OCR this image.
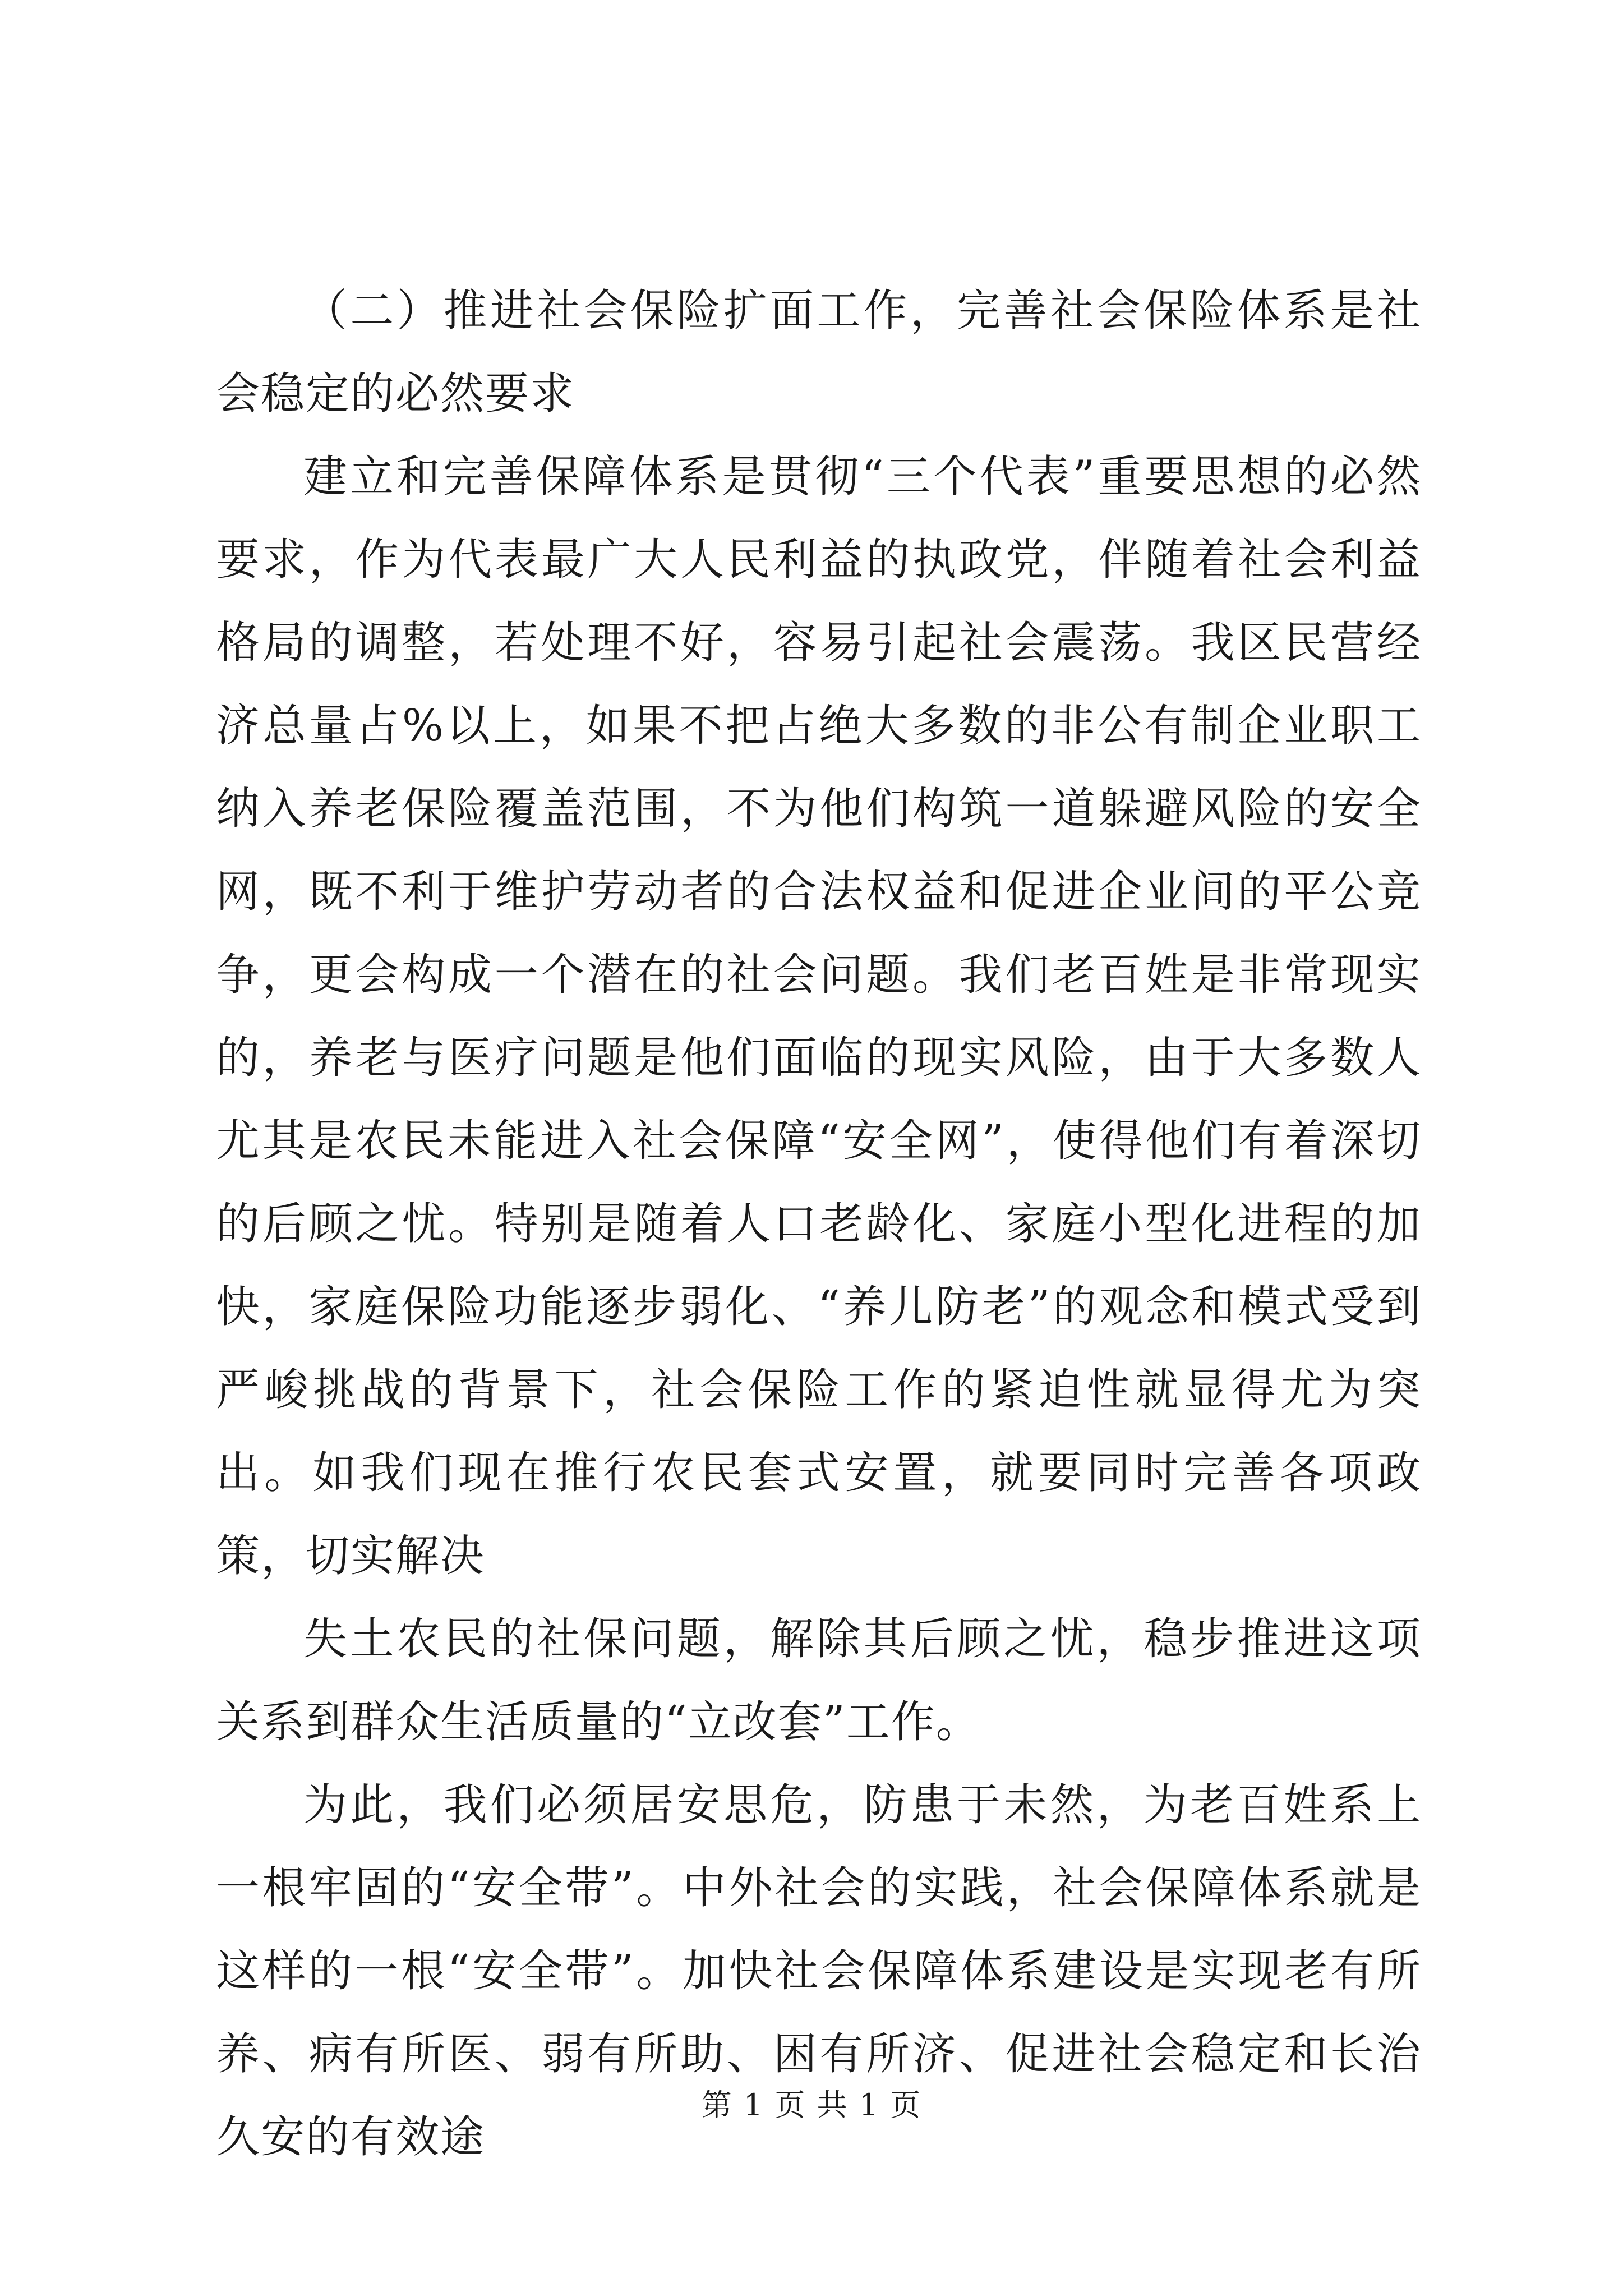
（二）推进社会保险扩面工作，完善社会保险体系是社会稳定的必然要求

建立和完善保障体系是贯彻“三个代表”重要思想的必然要求，作为代表最广大人民利益的执政党，伴随着社会利益格局的调整，若处理不好，容易引起社会震荡。我区民营经济总量占%以上，如果不把占绝大多数的非公有制企业职工纳入养老保险覆盖范围，不为他们构筑一道躲避风险的安全网，既不利于维护劳动者的合法权益和促进企业间的平公竞争，更会构成一个潜在的社会问题。我们老百姓是非常现实的，养老与医疗问题是他们面临的现实风险，由于大多数人尤其是农民未能进入社会保障“安全网”，使得他们有着深切的后顾之忧。特别是随着人口老龄化、家庭小型化进程的加快，家庭保险功能逐步弱化、“养儿防老”的观念和模式受到严峻挑战的背景下，社会保险工作的紧迫性就显得尤为突出。如我们现在推行农民套式安置，就要同时完善各项政策，切实解决

失土农民的社保问题，解除其后顾之忧，稳步推进这项关系到群众生活质量的“立改套”工作。

为此，我们必须居安思危，防患于未然，为老百姓系上一根牢固的“安全带”。中外社会的实践，社会保障体系就是这样的一根“安全带”。加快社会保障体系建设是实现老有所养、病有所医、弱有所助、困有所济、促进社会稳定和长治久安的有效途

第 1 页 共 1 页
